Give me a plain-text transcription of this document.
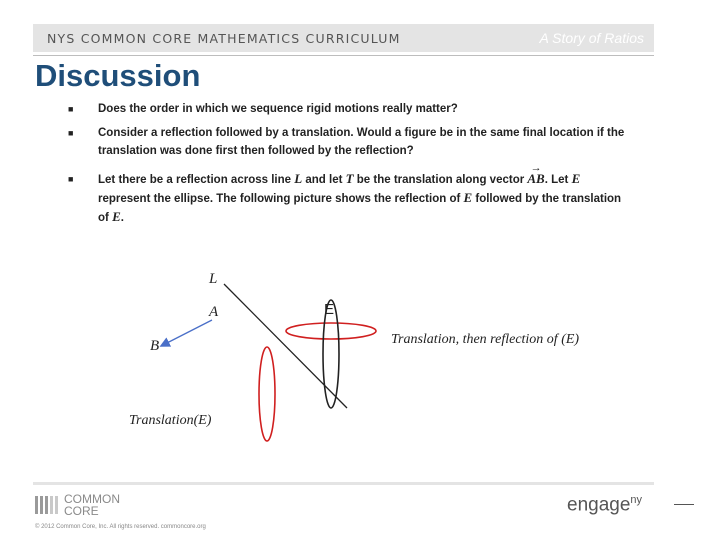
NYS COMMON CORE MATHEMATICS CURRICULUM	A Story of Ratios
Discussion
■ Does the order in which we sequence rigid motions really matter?
■ Consider a reflection followed by a translation. Would a figure be in the same final location if the translation was done first then followed by the reflection?
■ Let there be a reflection across line L and let T be the translation along vector → AB. Let E represent the ellipse. The following picture shows the reflection of E followed by the translation of E.
L
A
B
E
Translation, then reflection of (E)
Translation(E)
COMMON
CORE
© 2012 Common Core, Inc. All rights reserved. commoncore.org
engage$^{ny}$
